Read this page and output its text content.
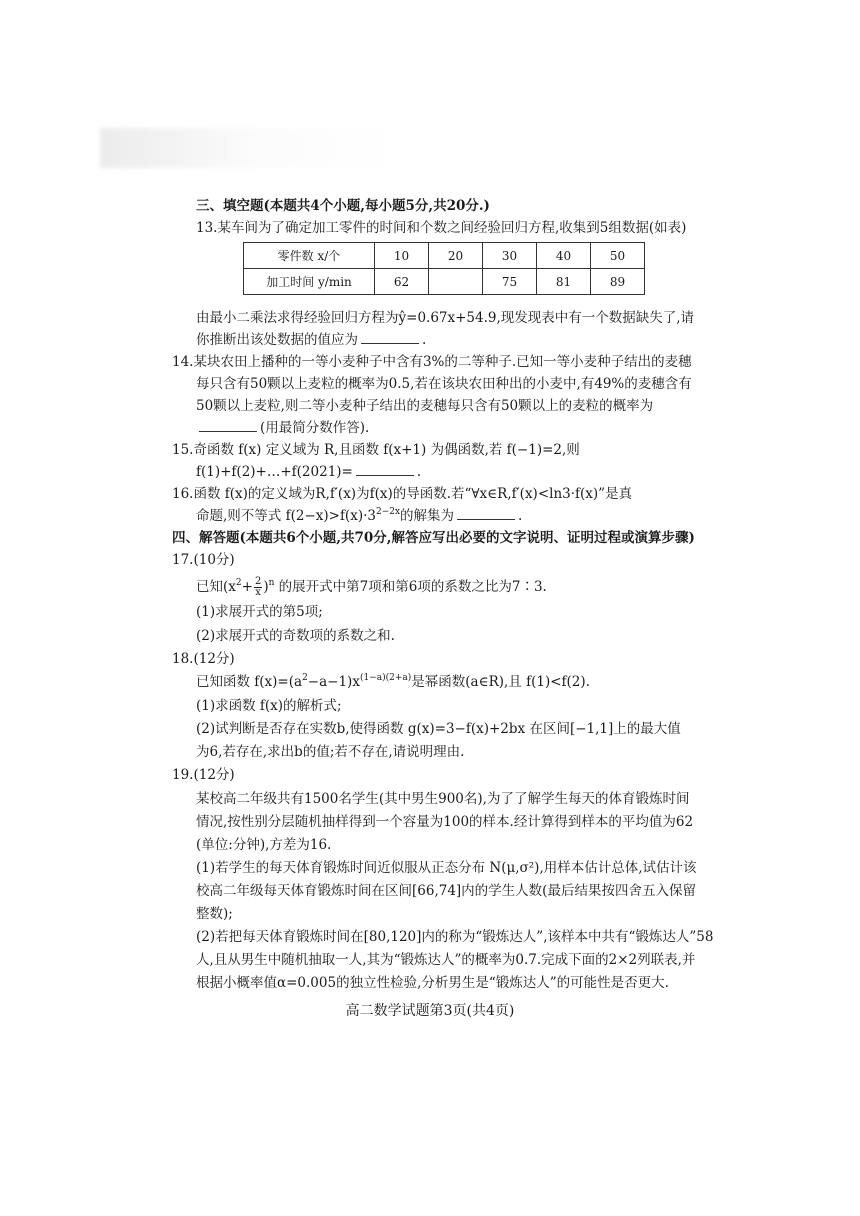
三、填空题(本题共4个小题,每小题5分,共20分.)
13.某车间为了确定加工零件的时间和个数之间经验回归方程,收集到5组数据(如表)
零件数 x/个	10	20	30	40	50
加工时间 y/min	62		75	81	89
由最小二乘法求得经验回归方程为ŷ=0.67x+54.9,现发现表中有一个数据缺失了,请
你推断出该处数据的值应为	.
14.某块农田上播种的一等小麦种子中含有3%的二等种子.已知一等小麦种子结出的麦穗
每只含有50颗以上麦粒的概率为0.5,若在该块农田种出的小麦中,有49%的麦穗含有
50颗以上麦粒,则二等小麦种子结出的麦穗每只含有50颗以上的麦粒的概率为
(用最简分数作答).
15.奇函数 f(x) 定义域为 R,且函数 f(x+1) 为偶函数,若 f(−1)=2,则
f(1)+f(2)+…+f(2021)=	.
16.函数 f(x)的定义域为R,f′(x)为f(x)的导函数.若“∀x∈R,f′(x)<ln3·f(x)”是真
命题,则不等式 $f(2-x)>f(x)\cdot 3^{2-2x}$的解集为	.
四、解答题(本题共6个小题,共70分,解答应写出必要的文字说明、证明过程或演算步骤)
17.(10分)
已知$(x^2+ \frac{2}{x} )^n$ 的展开式中第7项和第6项的系数之比为7∶3.
(1)求展开式的第5项;
(2)求展开式的奇数项的系数之和.
18.(12分)
已知函数 $f(x)=(a^2-a-1)x^{(1-a)(2+a)}$是幂函数(a∈R),且 f(1)<f(2).
(1)求函数 f(x)的解析式;
(2)试判断是否存在实数b,使得函数 g(x)=3−f(x)+2bx 在区间[−1,1]上的最大值
为6,若存在,求出b的值;若不存在,请说明理由.
19.(12分)
某校高二年级共有1500名学生(其中男生900名),为了了解学生每天的体育锻炼时间
情况,按性别分层随机抽样得到一个容量为100的样本.经计算得到样本的平均值为62
(单位:分钟),方差为16.
(1)若学生的每天体育锻炼时间近似服从正态分布 N(μ,σ²),用样本估计总体,试估计该
校高二年级每天体育锻炼时间在区间[66,74]内的学生人数(最后结果按四舍五入保留
整数);
(2)若把每天体育锻炼时间在[80,120]内的称为“锻炼达人”,该样本中共有“锻炼达人”58
人,且从男生中随机抽取一人,其为“锻炼达人”的概率为0.7.完成下面的2×2列联表,并
根据小概率值α=0.005的独立性检验,分析男生是“锻炼达人”的可能性是否更大.
高二数学试题第3页(共4页)
